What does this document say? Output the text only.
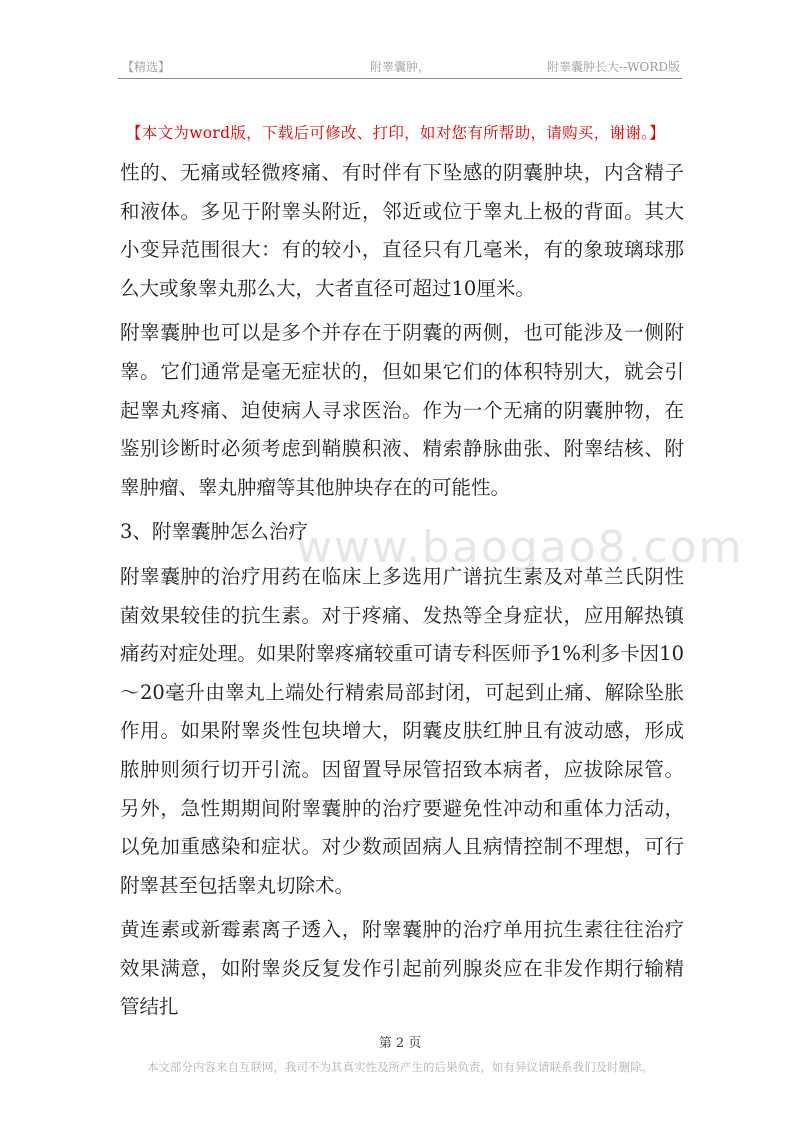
【精选】	附睾囊肿，	附睾囊肿长大--WORD版
【本文为word版，下载后可修改、打印，如对您有所帮助，请购买，谢谢。】
www.baogao8.com

性的、无痛或轻微疼痛、有时伴有下坠感的阴囊肿块，内含精子和液体。多见于附睾头附近，邻近或位于睾丸上极的背面。其大小变异范围很大：有的较小，直径只有几毫米，有的象玻璃球那么大或象睾丸那么大，大者直径可超过10厘米。

附睾囊肿也可以是多个并存在于阴囊的两侧，也可能涉及一侧附睾。它们通常是毫无症状的，但如果它们的体积特别大，就会引起睾丸疼痛、迫使病人寻求医治。作为一个无痛的阴囊肿物，在鉴别诊断时必须考虑到鞘膜积液、精索静脉曲张、附睾结核、附睾肿瘤、睾丸肿瘤等其他肿块存在的可能性。

3、附睾囊肿怎么治疗

附睾囊肿的治疗用药在临床上多选用广谱抗生素及对革兰氏阴性菌效果较佳的抗生素。对于疼痛、发热等全身症状，应用解热镇痛药对症处理。如果附睾疼痛较重可请专科医师予1%利多卡因10～20毫升由睾丸上端处行精索局部封闭，可起到止痛、解除坠胀作用。如果附睾炎性包块增大，阴囊皮肤红肿且有波动感，形成脓肿则须行切开引流。因留置导尿管招致本病者，应拔除尿管。另外，急性期期间附睾囊肿的治疗要避免性冲动和重体力活动，以免加重感染和症状。对少数顽固病人且病情控制不理想，可行附睾甚至包括睾丸切除术。

黄连素或新霉素离子透入，附睾囊肿的治疗单用抗生素往往治疗效果满意，如附睾炎反复发作引起前列腺炎应在非发作期行输精管结扎

第 2 页
本文部分内容来自互联网，我司不为其真实性及所产生的后果负责，如有异议请联系我们及时删除。
